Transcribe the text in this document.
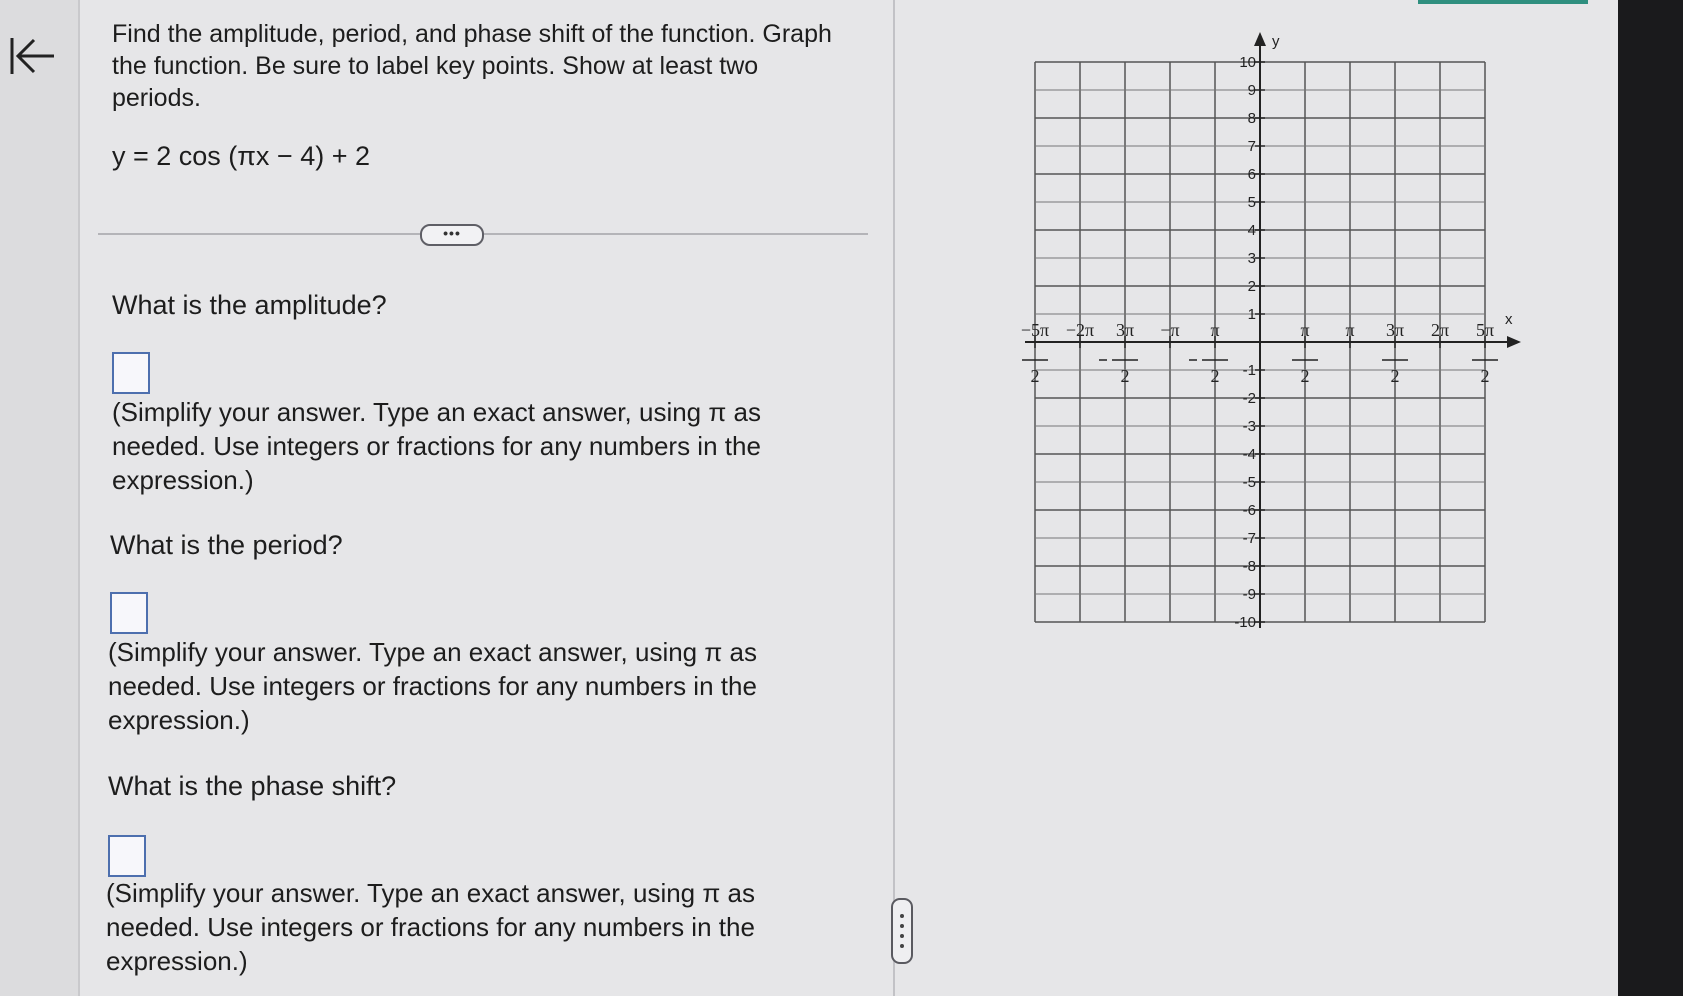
Find the amplitude, period, and phase shift of the function. Graph the function. Be sure to label key points. Show at least two periods.

y = 2 cos (πx − 4) + 2

•••

What is the amplitude?

(Simplify your answer. Type an exact answer, using π as needed. Use integers or fractions for any numbers in the expression.)

What is the period?

(Simplify your answer. Type an exact answer, using π as needed. Use integers or fractions for any numbers in the expression.)

What is the phase shift?

(Simplify your answer. Type an exact answer, using π as needed. Use integers or fractions for any numbers in the expression.)

10
9
8
7
6
5
4
3
2
1
-1
-2
-3
-4
-5
-6
-7
-8
-9
-10
−5π
2
−2π 3π
2
−π π
2
π
2
π 3π
2
2π 5π
2
x
y
